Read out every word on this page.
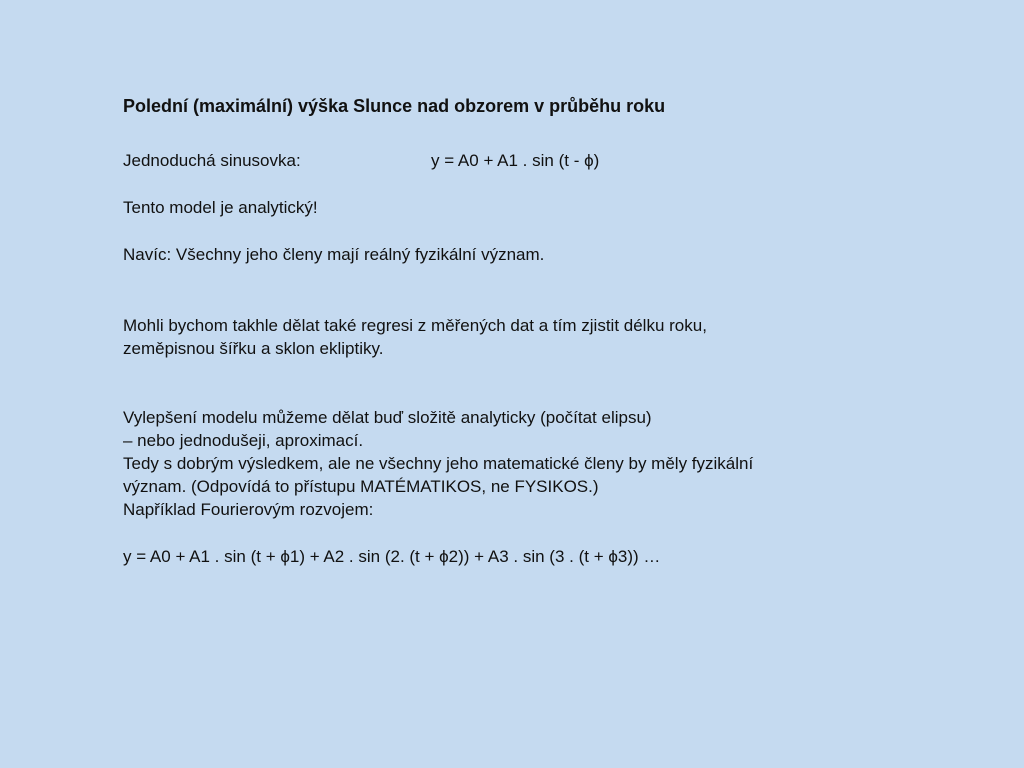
Polední (maximální) výška Slunce nad obzorem v průběhu roku
Jednoduchá sinusovka:	y = A0 + A1 . sin (t - ϕ)

Tento model je analytický!

Navíc: Všechny jeho členy mají reálný fyzikální význam.

Mohli bychom takhle dělat také regresi z měřených dat a tím zjistit délku roku,

zeměpisnou šířku a sklon ekliptiky.

Vylepšení modelu můžeme dělat buď složitě analyticky (počítat elipsu)

– nebo jednodušeji, aproximací.

Tedy s dobrým výsledkem, ale ne všechny jeho matematické členy by měly fyzikální

význam. (Odpovídá to přístupu MATÉMATIKOS, ne FYSIKOS.)

Například Fourierovým rozvojem:

y = A0 + A1 . sin (t + ϕ1) + A2 . sin (2. (t + ϕ2)) + A3 . sin (3 . (t + ϕ3)) …
